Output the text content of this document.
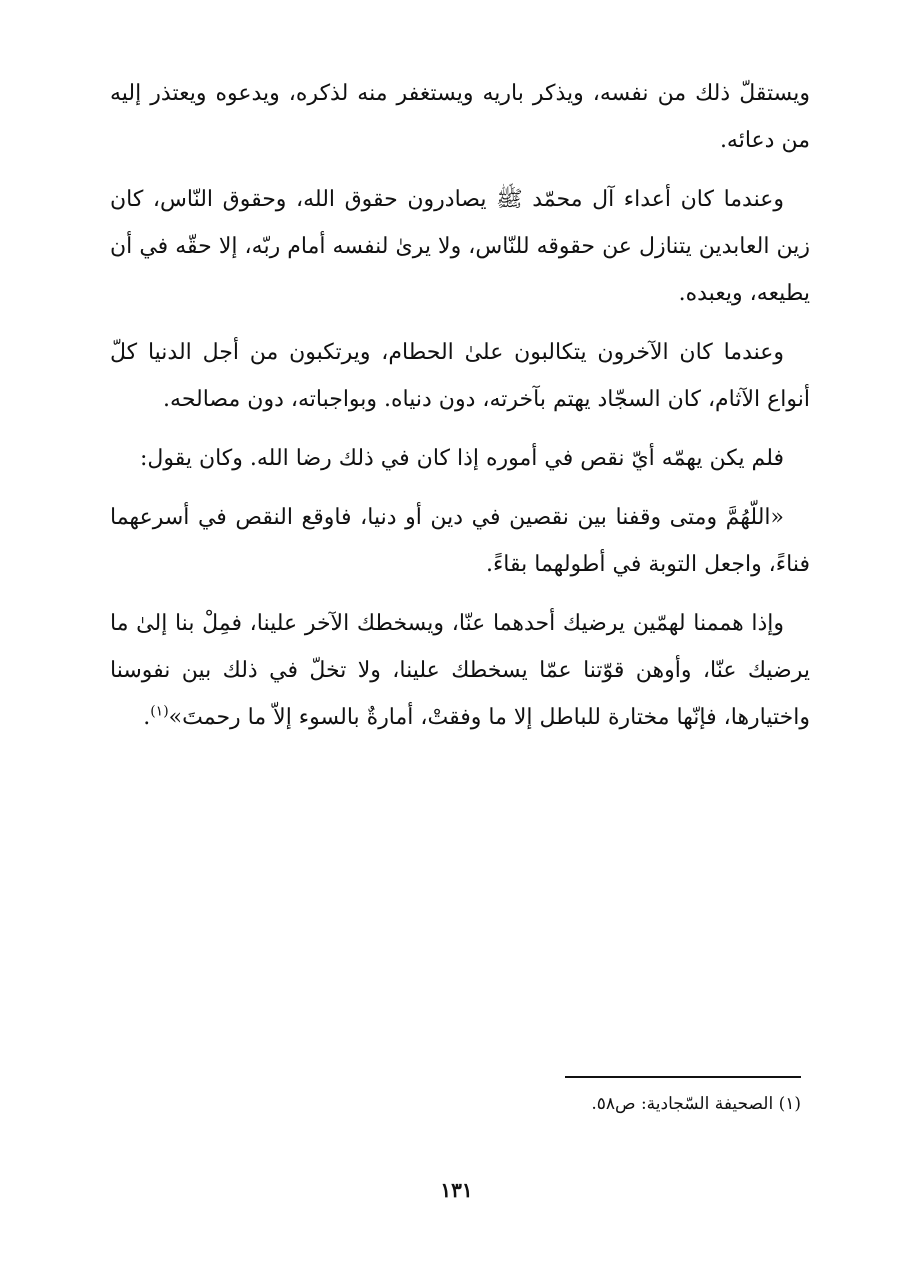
ويستقلّ ذلك من نفسه، ويذكر باريه ويستغفر منه لذكره، ويدعوه ويعتذر إليه من دعائه.

وعندما كان أعداء آل محمّد ﷺ يصادرون حقوق الله، وحقوق النّاس، كان زين العابدين يتنازل عن حقوقه للنّاس، ولا يرىٰ لنفسه أمام ربّه، إلا حقّه في أن يطيعه، ويعبده.

وعندما كان الآخرون يتكالبون علىٰ الحطام، ويرتكبون من أجل الدنيا كلّ أنواع الآثام، كان السجّاد يهتم بآخرته، دون دنياه. وبواجباته، دون مصالحه.

فلم يكن يهمّه أيّ نقص في أموره إذا كان في ذلك رضا الله. وكان يقول:

«اللّهُمَّ ومتى وقفنا بين نقصين في دين أو دنيا، فاوقع النقص في أسرعهما فناءً، واجعل التوبة في أطولهما بقاءً.

وإذا هممنا لهمّين يرضيك أحدهما عنّا، ويسخطك الآخر علينا، فمِلْ بنا إلىٰ ما يرضيك عنّا، وأوهن قوّتنا عمّا يسخطك علينا، ولا تخلّ في ذلك بين نفوسنا واختيارها، فإنّها مختارة للباطل إلا ما وفقتْ، أمارةٌ بالسوء إلاّ ما رحمتَ»$^{(١)}$.

(١) الصحيفة السّجادية: ص٥٨.
١٣١
